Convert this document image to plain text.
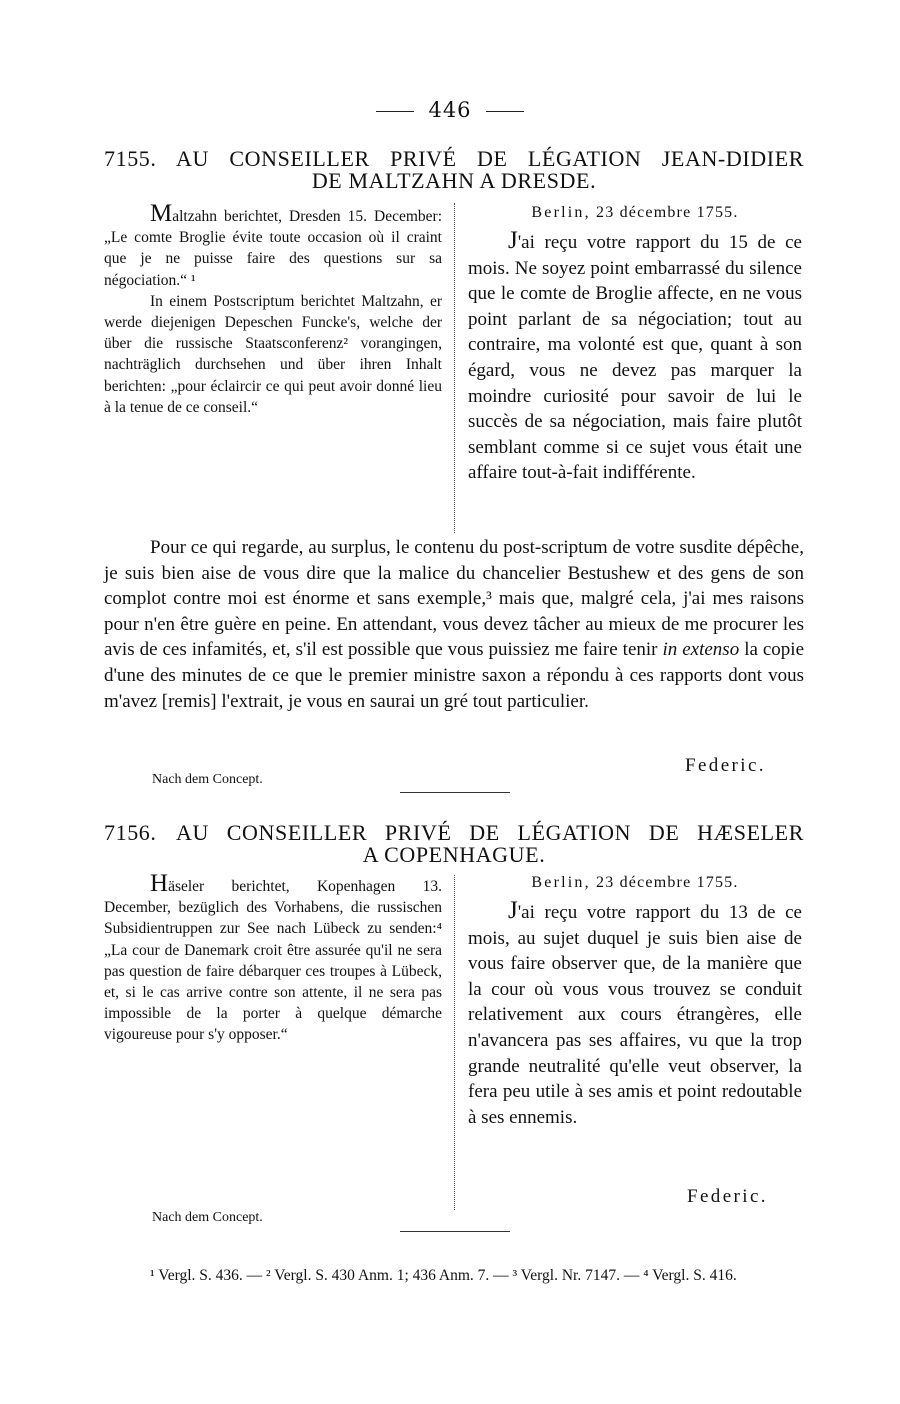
446
7155. AU CONSEILLER PRIVÉ DE LÉGATION JEAN-DIDIER
DE MALTZAHN A DRESDE.

Maltzahn berichtet, Dresden 15. December: „Le comte Broglie évite toute occasion où il craint que je ne puisse faire des questions sur sa négociation.“ ¹

In einem Postscriptum berichtet Maltzahn, er werde diejenigen Depeschen Funcke's, welche der über die russische Staatsconferenz² vorangingen, nachträglich durchsehen und über ihren Inhalt berichten: „pour éclaircir ce qui peut avoir donné lieu à la tenue de ce conseil.“

Berlin, 23 décembre 1755.

J'ai reçu votre rapport du 15 de ce mois. Ne soyez point embarrassé du silence que le comte de Broglie affecte, en ne vous point parlant de sa négociation; tout au contraire, ma volonté est que, quant à son égard, vous ne devez pas marquer la moindre curiosité pour savoir de lui le succès de sa négociation, mais faire plutôt semblant comme si ce sujet vous était une affaire tout-à-fait indifférente.

Pour ce qui regarde, au surplus, le contenu du post-scriptum de votre susdite dépêche, je suis bien aise de vous dire que la malice du chancelier Bestushew et des gens de son complot contre moi est énorme et sans exemple,³ mais que, malgré cela, j'ai mes raisons pour n'en être guère en peine. En attendant, vous devez tâcher au mieux de me procurer les avis de ces infamités, et, s'il est possible que vous puissiez me faire tenir in extenso la copie d'une des minutes de ce que le premier ministre saxon a répondu à ces rapports dont vous m'avez [remis] l'extrait, je vous en saurai un gré tout particulier.

Federic.
Nach dem Concept.
7156. AU CONSEILLER PRIVÉ DE LÉGATION DE HÆSELER
A COPENHAGUE.

Häseler berichtet, Kopenhagen 13. December, bezüglich des Vorhabens, die russischen Subsidientruppen zur See nach Lübeck zu senden:⁴ „La cour de Danemark croit être assurée qu'il ne sera pas question de faire débarquer ces troupes à Lübeck, et, si le cas arrive contre son attente, il ne sera pas impossible de la porter à quelque démarche vigoureuse pour s'y opposer.“

Berlin, 23 décembre 1755.

J'ai reçu votre rapport du 13 de ce mois, au sujet duquel je suis bien aise de vous faire observer que, de la manière que la cour où vous vous trouvez se conduit relativement aux cours étrangères, elle n'avancera pas ses affaires, vu que la trop grande neutralité qu'elle veut observer, la fera peu utile à ses amis et point redoutable à ses ennemis.

Federic.
Nach dem Concept.

¹ Vergl. S. 436. — ² Vergl. S. 430 Anm. 1; 436 Anm. 7. — ³ Vergl. Nr. 7147. — ⁴ Vergl. S. 416.
